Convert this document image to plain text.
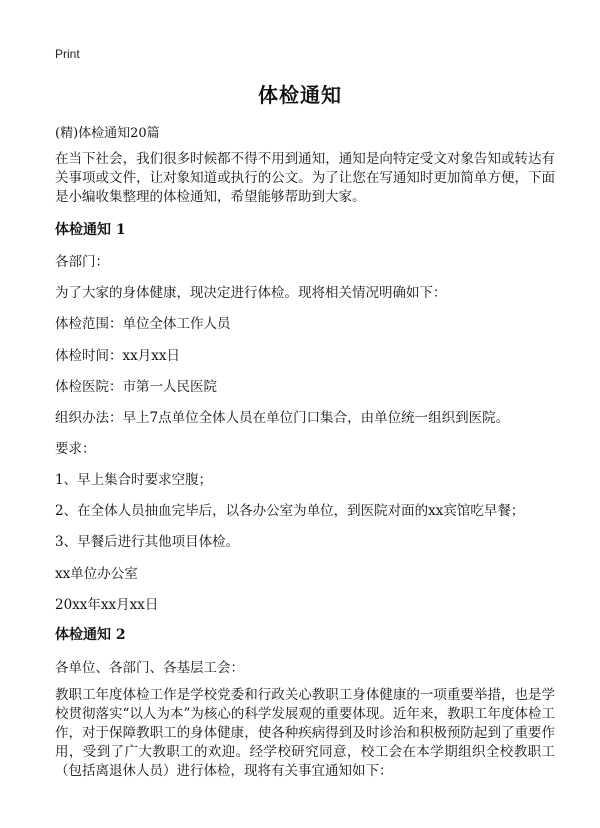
Print
体检通知
(精)体检通知20篇
在当下社会，我们很多时候都不得不用到通知，通知是向特定受文对象告知或转达有关事项或文件，让对象知道或执行的公文。为了让您在写通知时更加简单方便，下面是小编收集整理的体检通知，希望能够帮助到大家。
体检通知 1
各部门：
为了大家的身体健康，现决定进行体检。现将相关情况明确如下：
体检范围：单位全体工作人员
体检时间：xx月xx日
体检医院：市第一人民医院
组织办法：早上7点单位全体人员在单位门口集合，由单位统一组织到医院。
要求：
1、早上集合时要求空腹；
2、在全体人员抽血完毕后，以各办公室为单位，到医院对面的xx宾馆吃早餐；
3、早餐后进行其他项目体检。
xx单位办公室
20xx年xx月xx日
体检通知 2
各单位、各部门、各基层工会：
教职工年度体检工作是学校党委和行政关心教职工身体健康的一项重要举措，也是学校贯彻落实“以人为本”为核心的科学发展观的重要体现。近年来，教职工年度体检工作，对于保障教职工的身体健康，使各种疾病得到及时诊治和积极预防起到了重要作用，受到了广大教职工的欢迎。经学校研究同意，校工会在本学期组织全校教职工（包括离退休人员）进行体检，现将有关事宜通知如下：
